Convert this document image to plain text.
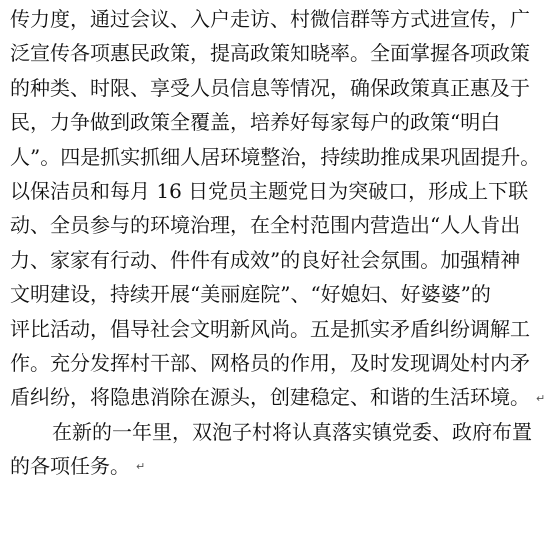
传力度，通过会议、入户走访、村微信群等方式进宣传，广
泛宣传各项惠民政策，提高政策知晓率。全面掌握各项政策
的种类、时限、享受人员信息等情况，确保政策真正惠及于
民，力争做到政策全覆盖，培养好每家每户的政策“明白
人”。四是抓实抓细人居环境整治，持续助推成果巩固提升。
以保洁员和每月 16 日党员主题党日为突破口，形成上下联
动、全员参与的环境治理，在全村范围内营造出“人人肯出
力、家家有行动、件件有成效”的良好社会氛围。加强精神
文明建设，持续开展“美丽庭院”、“好媳妇、好婆婆”的
评比活动，倡导社会文明新风尚。五是抓实矛盾纠纷调解工
作。充分发挥村干部、网格员的作用，及时发现调处村内矛
盾纠纷，将隐患消除在源头，创建稳定、和谐的生活环境。 ↵
在新的一年里，双泡子村将认真落实镇党委、政府布置
的各项任务。 ↵
